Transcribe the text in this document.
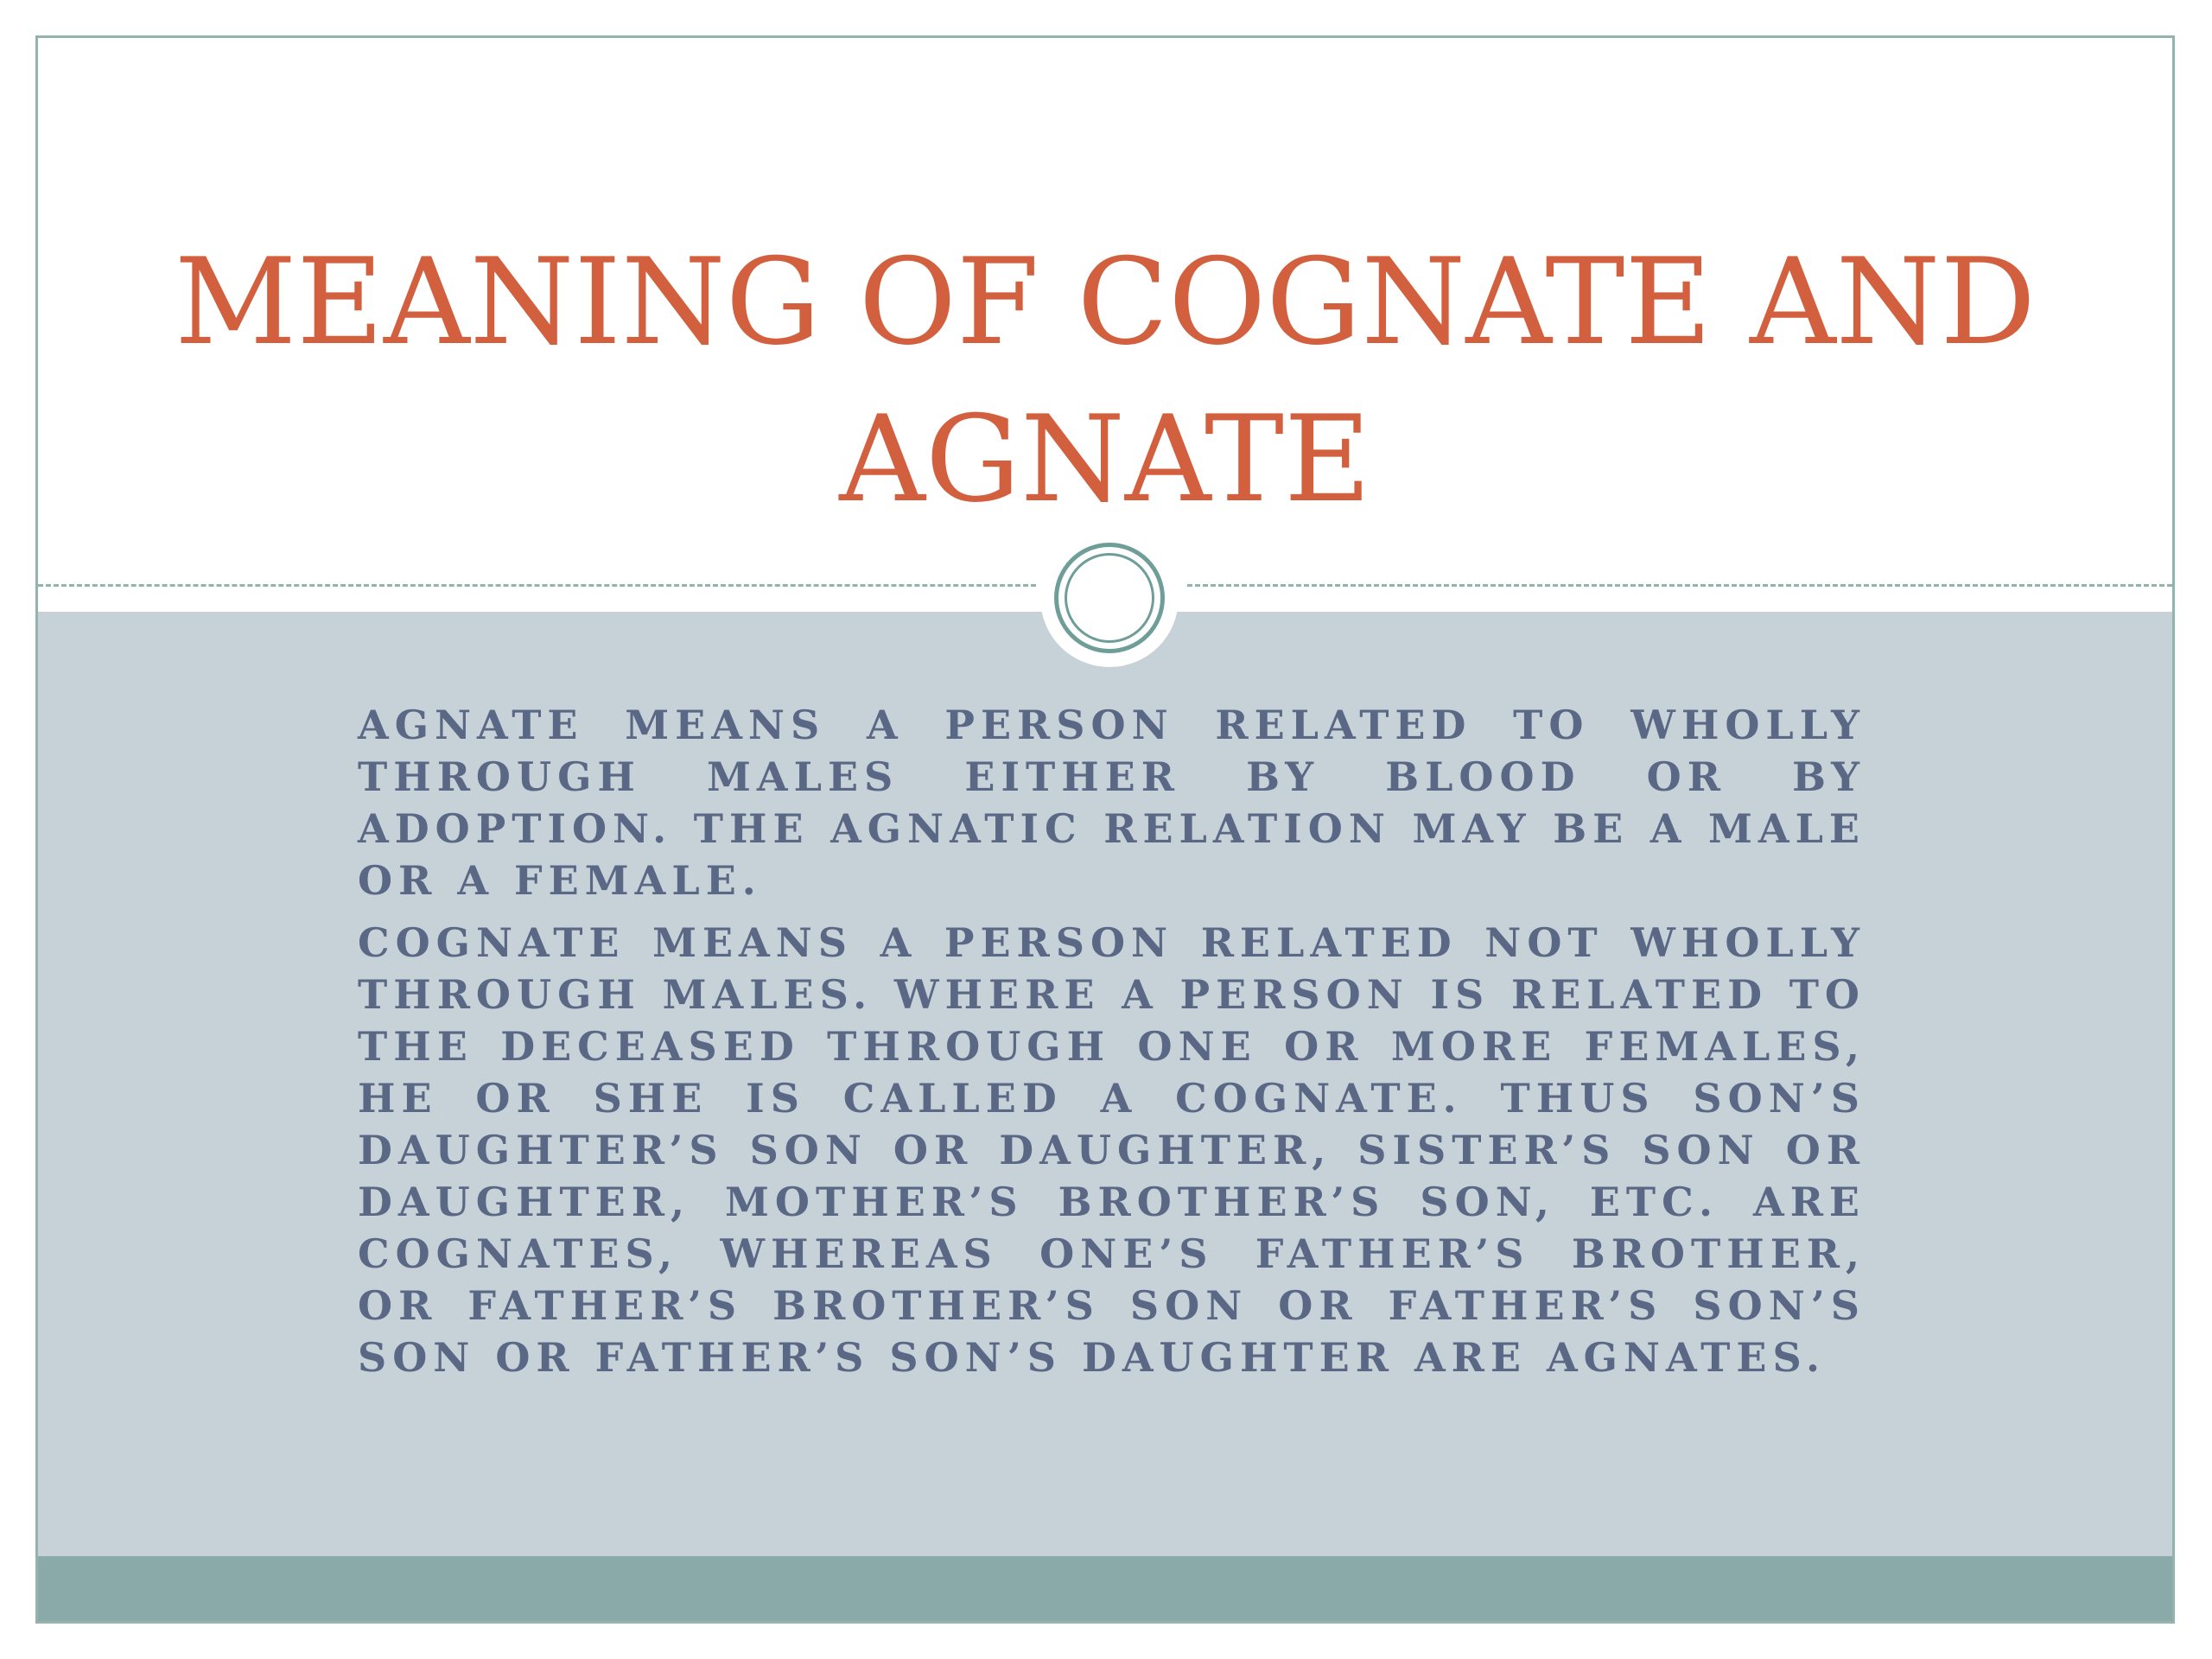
MEANING OF COGNATE AND AGNATE

AGNATE MEANS A PERSON RELATED TO WHOLLY THROUGH MALES EITHER BY BLOOD OR BY ADOPTION. THE AGNATIC RELATION MAY BE A MALE OR A FEMALE.

COGNATE MEANS A PERSON RELATED NOT WHOLLY THROUGH MALES. WHERE A PERSON IS RELATED TO THE DECEASED THROUGH ONE OR MORE FEMALES, HE OR SHE IS CALLED A COGNATE. THUS SON’S DAUGHTER’S SON OR DAUGHTER, SISTER’S SON OR DAUGHTER, MOTHER’S BROTHER’S SON, ETC. ARE COGNATES, WHEREAS ONE’S FATHER’S BROTHER, OR FATHER’S BROTHER’S SON OR FATHER’S SON’S SON OR FATHER’S SON’S DAUGHTER ARE AGNATES.
